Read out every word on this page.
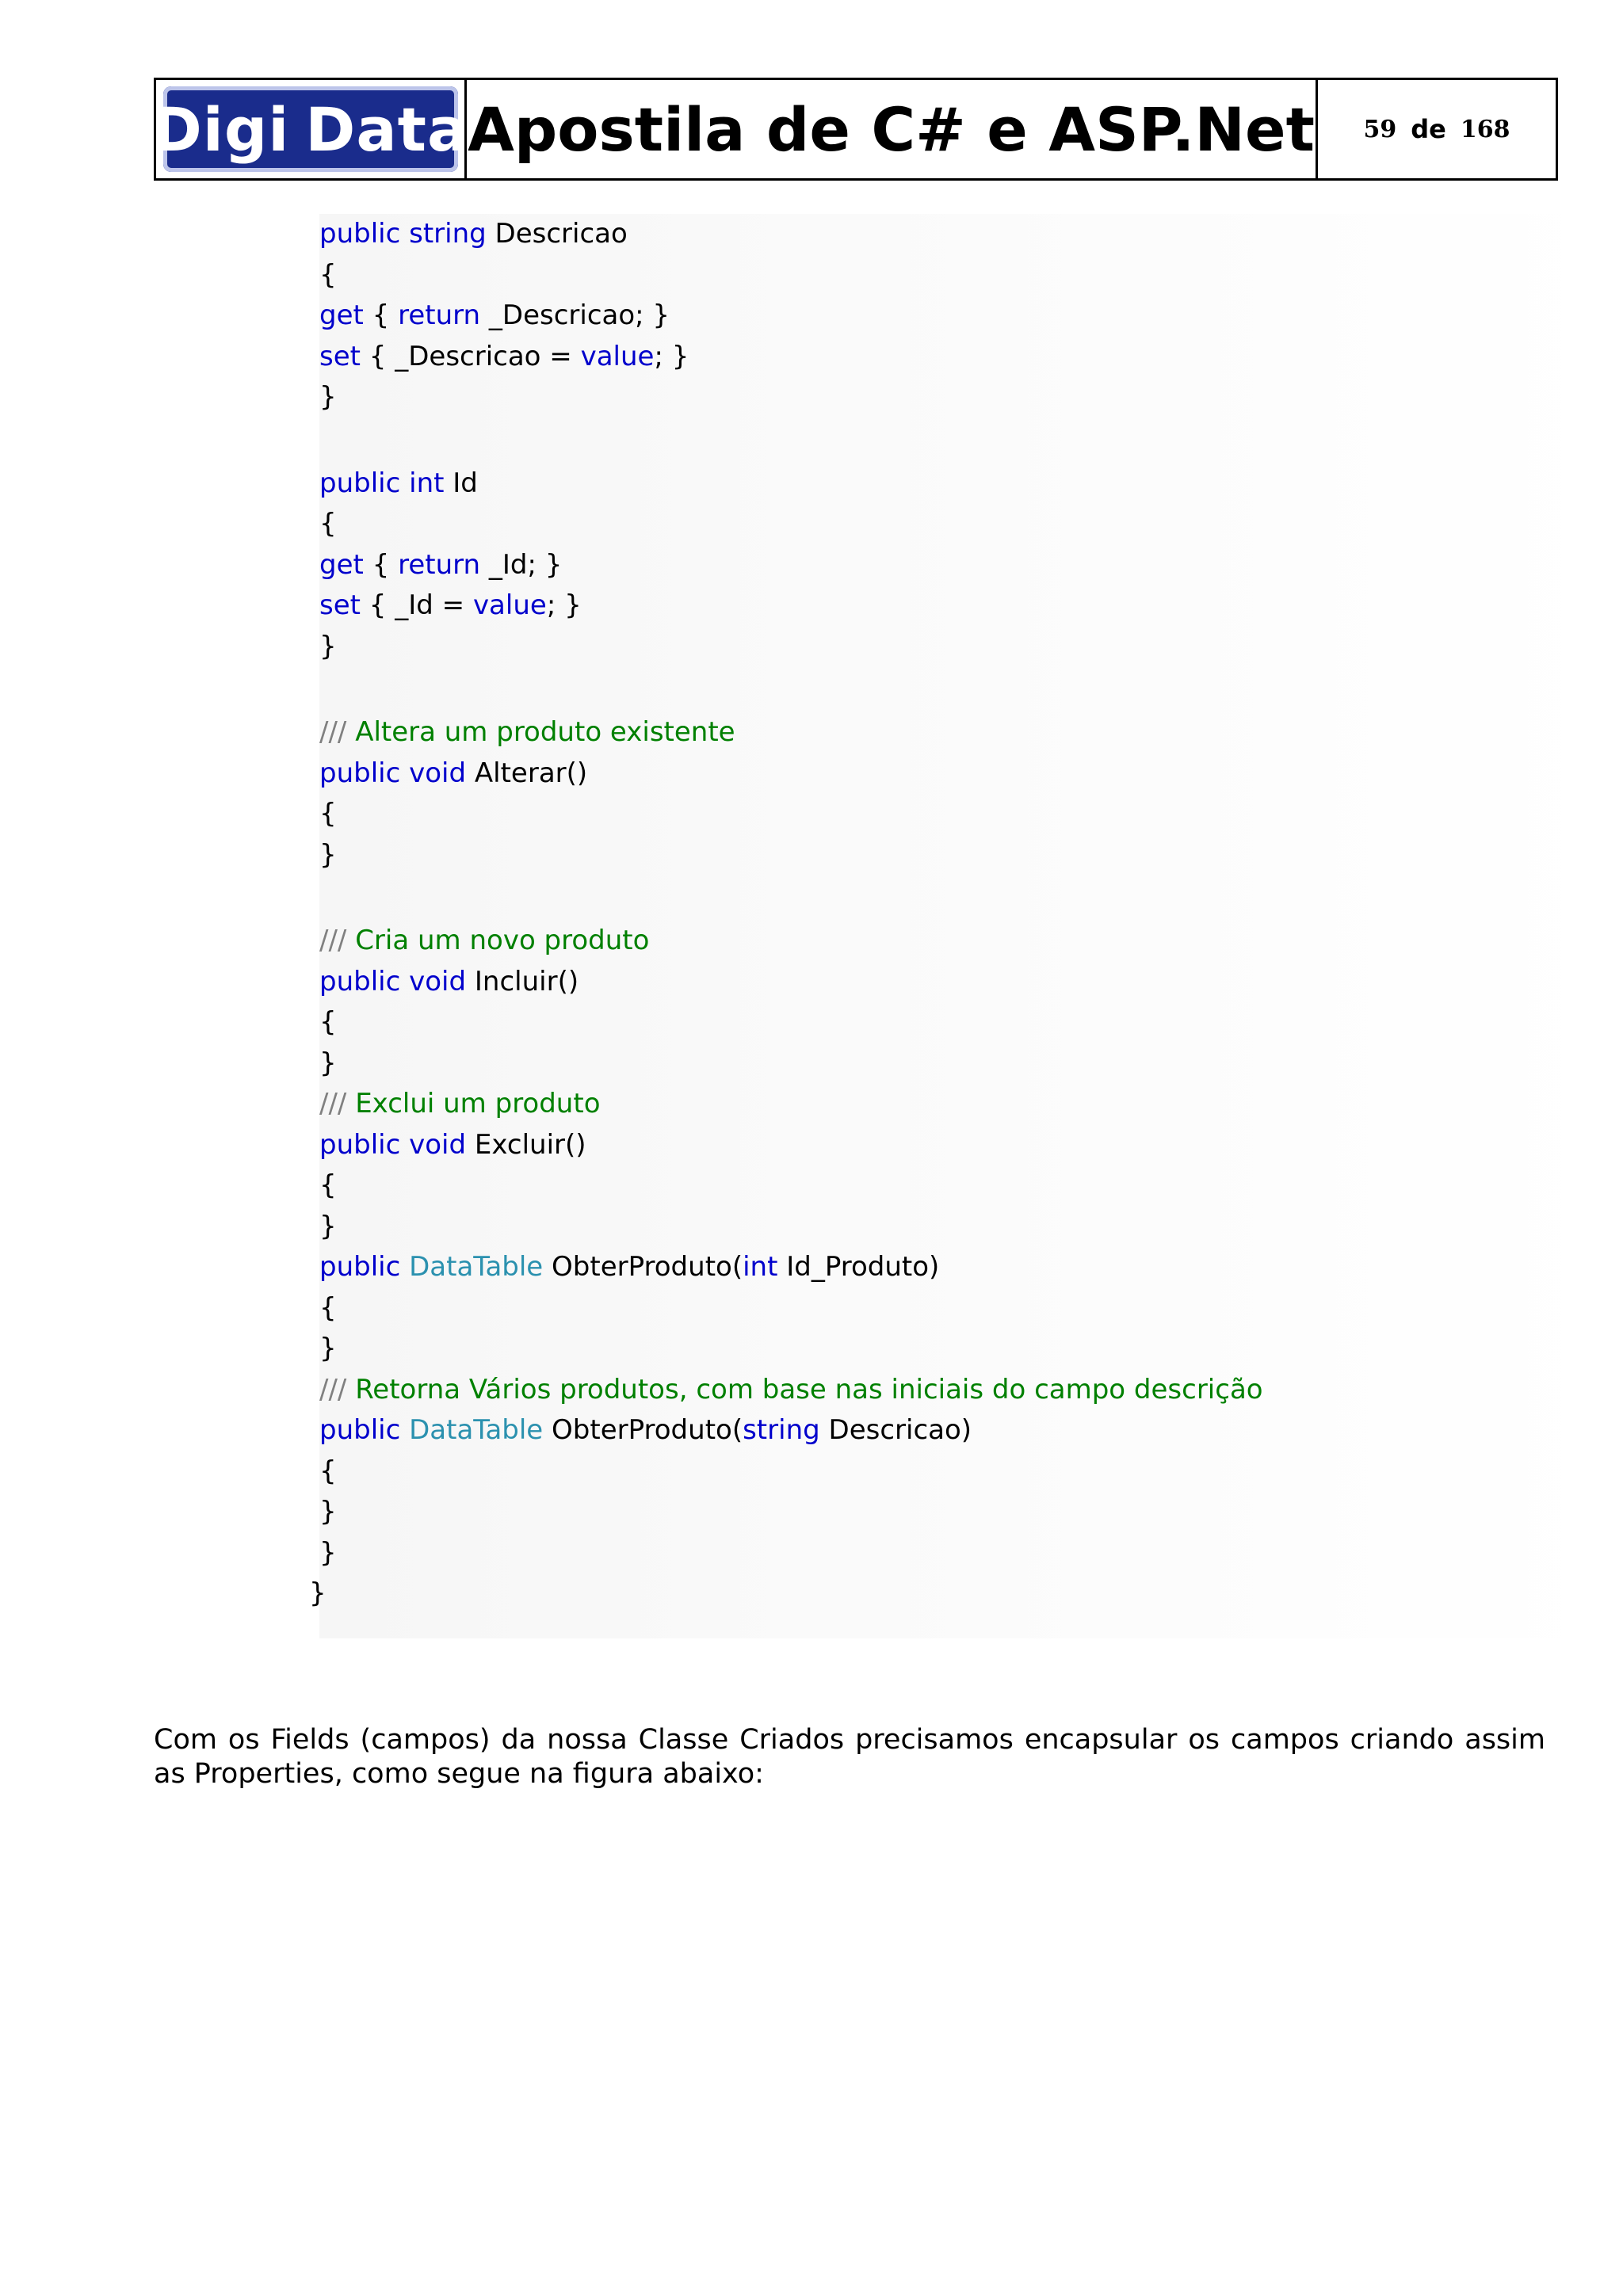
Digi Data
Apostila de C# e ASP.Net 59 de 168
public string Descricao
{
get { return _Descricao; }
set { _Descricao = value; }
}
public int Id
{
get { return _Id; }
set { _Id = value; }
}
/// Altera um produto existente
public void Alterar()
{
}
/// Cria um novo produto
public void Incluir()
{
}
/// Exclui um produto
public void Excluir()
{
}
public DataTable ObterProduto(int Id_Produto)
{
}
/// Retorna Vários produtos, com base nas iniciais do campo descrição
public DataTable ObterProduto(string Descricao)
{
}
}
}

Com os Fields (campos) da nossa Classe Criados precisamos encapsular os campos criando assim as Properties, como segue na figura abaixo:
